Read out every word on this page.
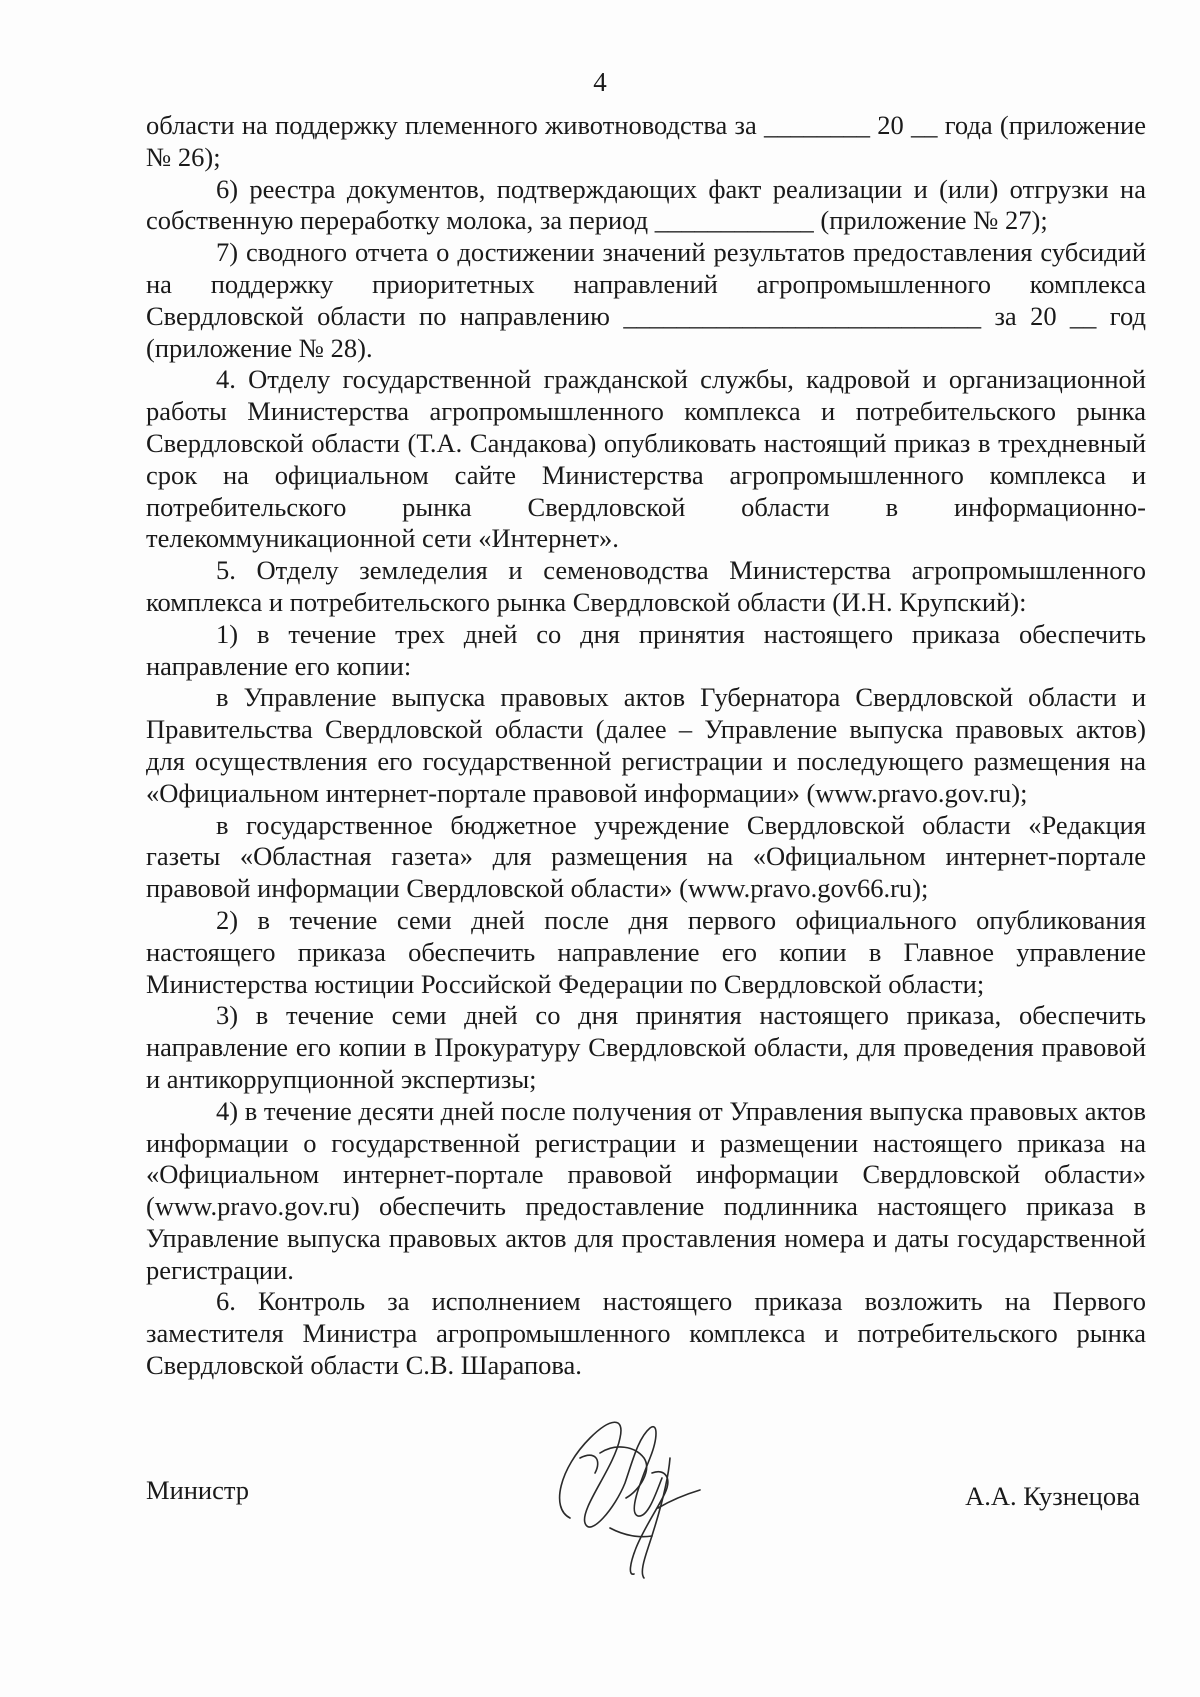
4

области на поддержку племенного животноводства за ________ 20 __ года (приложение № 26);

6) реестра документов, подтверждающих факт реализации и (или) отгрузки на собственную переработку молока, за период ____________ (приложение № 27);

7) сводного отчета о достижении значений результатов предоставления субсидий на поддержку приоритетных направлений агропромышленного комплекса Свердловской области по направлению ___________________________ за 20 __ год (приложение № 28).

4. Отделу государственной гражданской службы, кадровой и организационной работы Министерства агропромышленного комплекса и потребительского рынка Свердловской области (Т.А. Сандакова) опубликовать настоящий приказ в трехдневный срок на официальном сайте Министерства агропромышленного комплекса и потребительского рынка Свердловской области в информационно-телекоммуникационной сети «Интернет».

5. Отделу земледелия и семеноводства Министерства агропромышленного комплекса и потребительского рынка Свердловской области (И.Н. Крупский):

1) в течение трех дней со дня принятия настоящего приказа обеспечить направление его копии:

в Управление выпуска правовых актов Губернатора Свердловской области и Правительства Свердловской области (далее – Управление выпуска правовых актов) для осуществления его государственной регистрации и последующего размещения на «Официальном интернет-портале правовой информации» (www.pravo.gov.ru);

в государственное бюджетное учреждение Свердловской области «Редакция газеты «Областная газета» для размещения на «Официальном интернет-портале правовой информации Свердловской области» (www.pravo.gov66.ru);

2) в течение семи дней после дня первого официального опубликования настоящего приказа обеспечить направление его копии в Главное управление Министерства юстиции Российской Федерации по Свердловской области;

3) в течение семи дней со дня принятия настоящего приказа, обеспечить направление его копии в Прокуратуру Свердловской области, для проведения правовой и антикоррупционной экспертизы;

4) в течение десяти дней после получения от Управления выпуска правовых актов информации о государственной регистрации и размещении настоящего приказа на «Официальном интернет-портале правовой информации Свердловской области» (www.pravo.gov.ru) обеспечить предоставление подлинника настоящего приказа в Управление выпуска правовых актов для проставления номера и даты государственной регистрации.

6. Контроль за исполнением настоящего приказа возложить на Первого заместителя Министра агропромышленного комплекса и потребительского рынка Свердловской области С.В. Шарапова.

Министр	А.А. Кузнецова
